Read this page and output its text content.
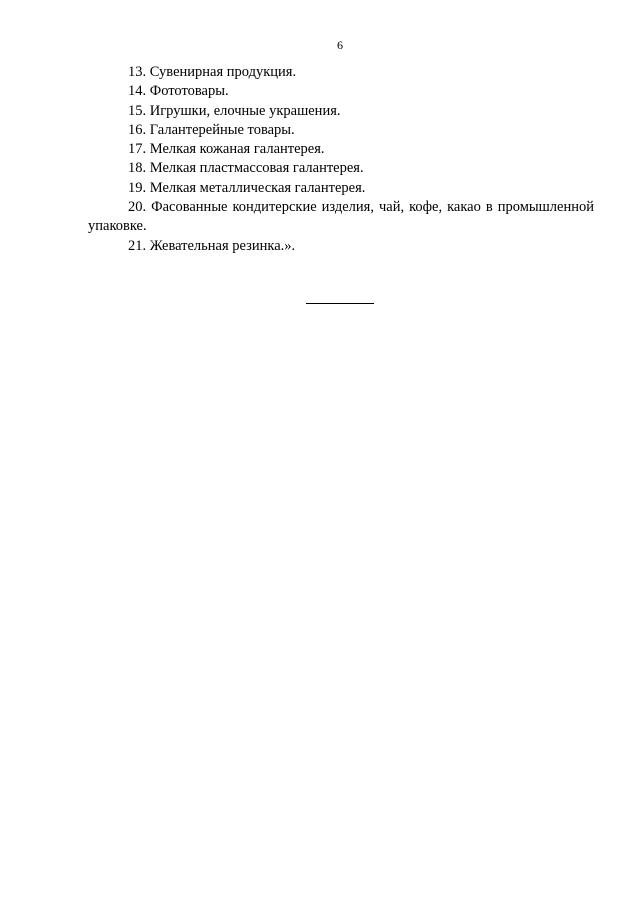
6
13. Сувенирная продукция.
14. Фототовары.
15. Игрушки, елочные украшения.
16. Галантерейные товары.
17. Мелкая кожаная галантерея.
18. Мелкая пластмассовая галантерея.
19. Мелкая металлическая галантерея.
20. Фасованные кондитерские изделия, чай, кофе, какао в промышленной упаковке.
21. Жевательная резинка.».
